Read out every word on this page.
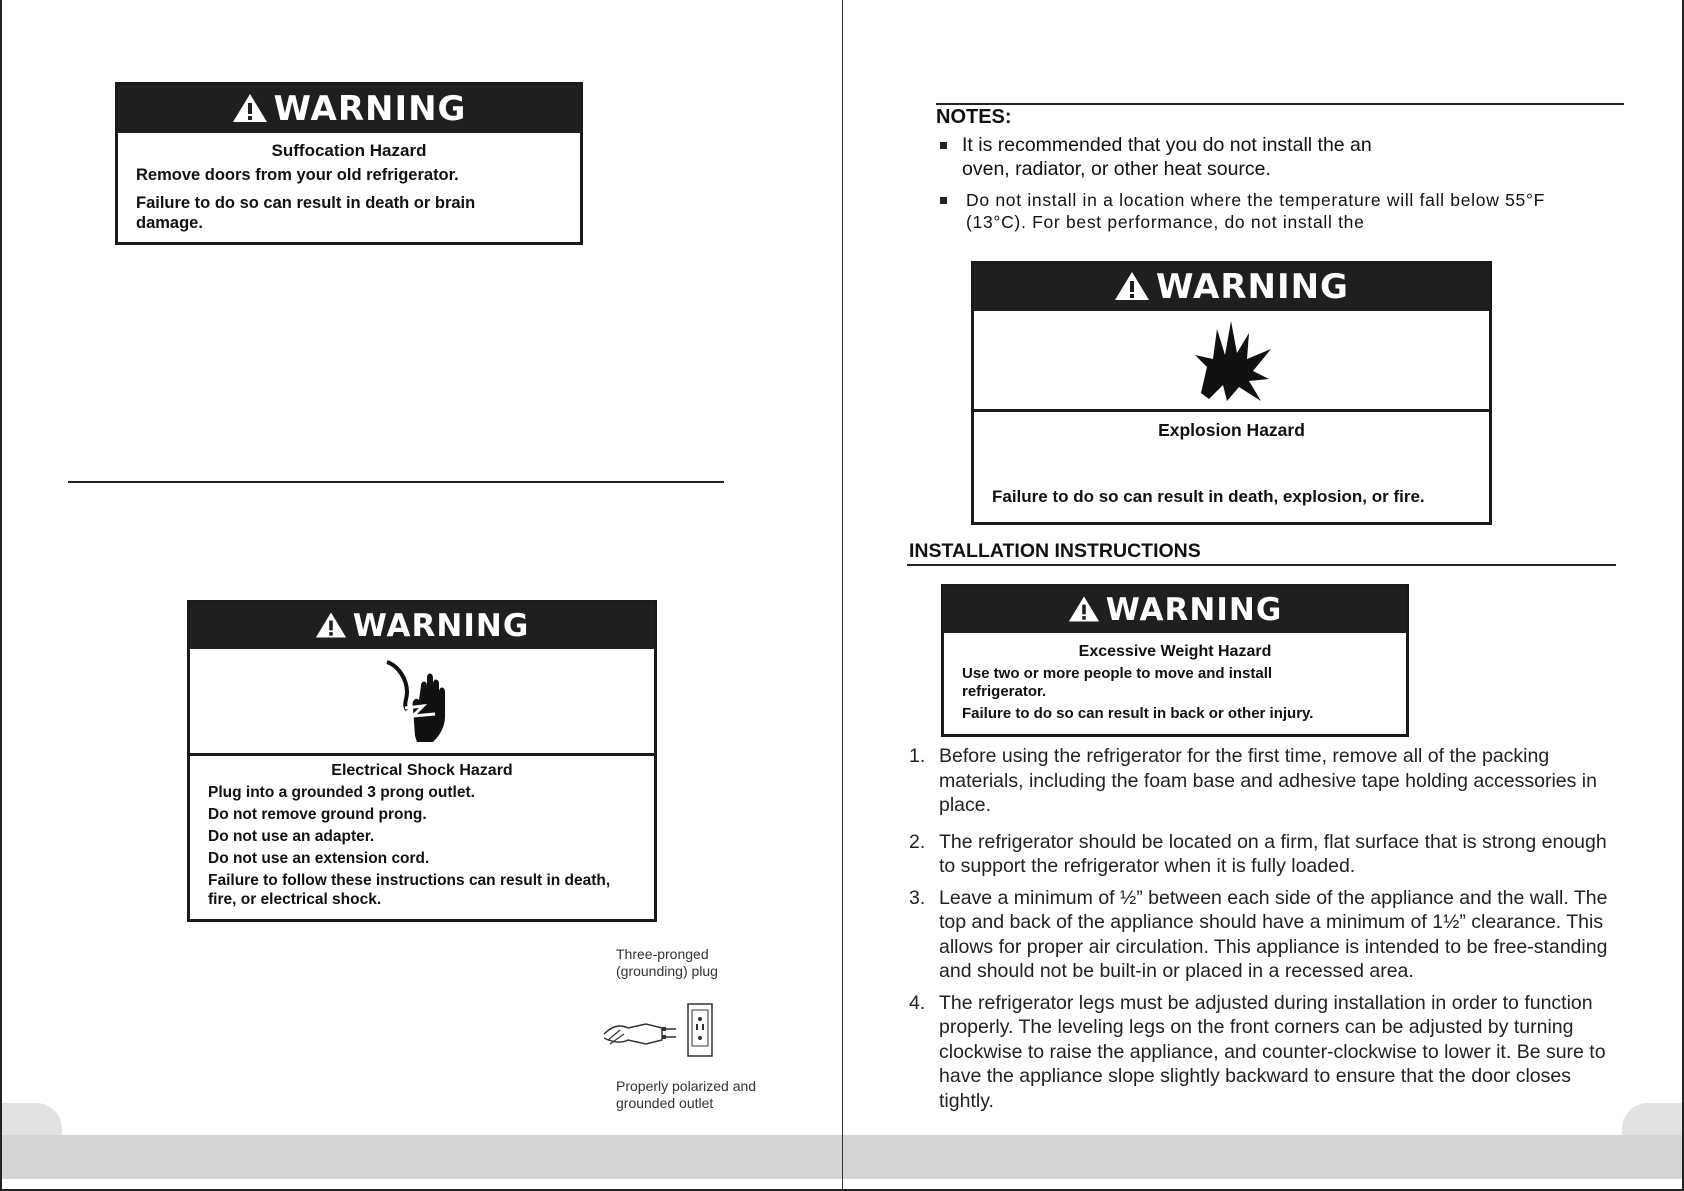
WARNING
Suffocation Hazard

Remove doors from your old refrigerator.

Failure to do so can result in death or brain damage.

WARNING
Electrical Shock Hazard

Plug into a grounded 3 prong outlet.

Do not remove ground prong.

Do not use an adapter.

Do not use an extension cord.

Failure to follow these instructions can result in death, fire, or electrical shock.

Three-pronged (grounding) plug
Properly polarized and grounded outlet
NOTES:
It is recommended that you do not install the an oven, radiator, or other heat source.
Do not install in a location where the temperature will fall below 55°F (13°C). For best performance, do not install the
WARNING
Explosion Hazard

Failure to do so can result in death, explosion, or fire.

INSTALLATION INSTRUCTIONS
WARNING
Excessive Weight Hazard

Use two or more people to move and install refrigerator.

Failure to do so can result in back or other injury.

1. Before using the refrigerator for the first time, remove all of the packing materials, including the foam base and adhesive tape holding accessories in place.
2. The refrigerator should be located on a firm, flat surface that is strong enough to support the refrigerator when it is fully loaded.
3. Leave a minimum of ½” between each side of the appliance and the wall. The top and back of the appliance should have a minimum of 1½” clearance. This allows for proper air circulation. This appliance is intended to be free-standing and should not be built-in or placed in a recessed area.
4. The refrigerator legs must be adjusted during installation in order to function properly. The leveling legs on the front corners can be adjusted by turning clockwise to raise the appliance, and counter-clockwise to lower it. Be sure to have the appliance slope slightly backward to ensure that the door closes tightly.
